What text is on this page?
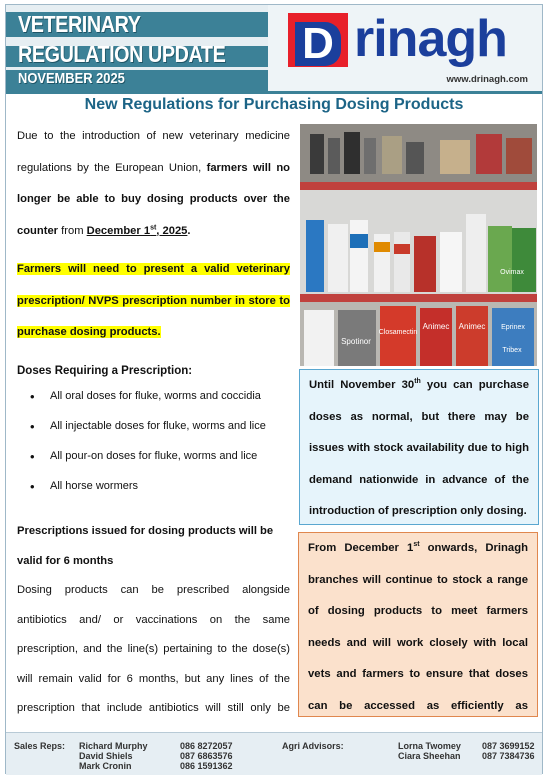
VETERINARY
REGULATION UPDATE
NOVEMBER 2025
D rinagh
www.drinagh.com
New Regulations for Purchasing Dosing Products
Due to the introduction of new veterinary medicine regulations by the European Union, farmers will no longer be able to buy dosing products over the counter from December 1st, 2025.
Farmers will need to present a valid veterinary prescription/ NVPS prescription number in store to purchase dosing products.
Doses Requiring a Prescription:
• All oral doses for fluke, worms and coccidia
• All injectable doses for fluke, worms and lice
• All pour-on doses for fluke, worms and lice
• All horse wormers
Prescriptions issued for dosing products will be valid for 6 months
Dosing products can be prescribed alongside antibiotics and/ or vaccinations on the same prescription, and the line(s) pertaining to the dose(s) will remain valid for 6 months, but any lines of the prescription that include antibiotics will still only be
Spotinor
Closamectin
Animec Animec Eprinex
Tribex
Ovimax
Until November 30th you can purchase doses as normal, but there may be issues with stock availability due to high demand nationwide in advance of the introduction of prescription only dosing.
From December 1st onwards, Drinagh branches will continue to stock a range of dosing products to meet farmers needs and will work closely with local vets and farmers to ensure that doses can be accessed as efficiently as
Sales Reps: Richard Murphy	086 8272057
David Shiels	087 6863576
Mark Cronin	086 1591362
Agri Advisors:	Lorna Twomey 087 3699152
Ciara Sheehan 087 7384736
